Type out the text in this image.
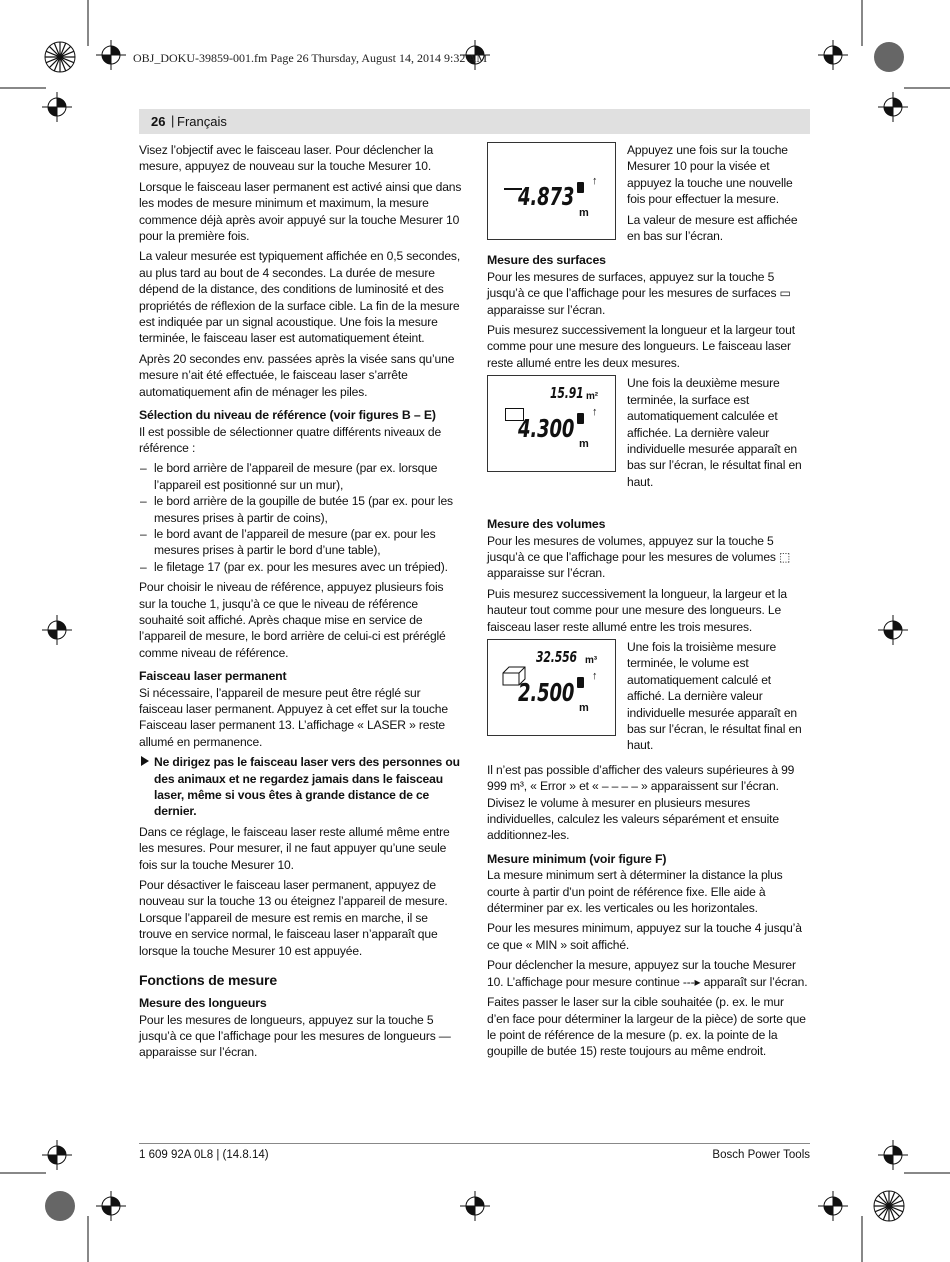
OBJ_DOKU-39859-001.fm Page 26 Thursday, August 14, 2014 9:32 AM
26 | Français

Visez l’objectif avec le faisceau laser. Pour déclencher la mesure, appuyez de nouveau sur la touche Mesurer 10.

Lorsque le faisceau laser permanent est activé ainsi que dans les modes de mesure minimum et maximum, la mesure commence déjà après avoir appuyé sur la touche Mesurer 10 pour la première fois.

La valeur mesurée est typiquement affichée en 0,5 secondes, au plus tard au bout de 4 secondes. La durée de mesure dépend de la distance, des conditions de luminosité et des propriétés de réflexion de la surface cible. La fin de la mesure est indiquée par un signal acoustique. Une fois la mesure terminée, le faisceau laser est automatiquement éteint.

Après 20 secondes env. passées après la visée sans qu’une mesure n’ait été effectuée, le faisceau laser s’arrête automatiquement afin de ménager les piles.

Sélection du niveau de référence (voir figures B – E)

Il est possible de sélectionner quatre différents niveaux de référence :

– le bord arrière de l’appareil de mesure (par ex. lorsque l’appareil est positionné sur un mur),
– le bord arrière de la goupille de butée 15 (par ex. pour les mesures prises à partir de coins),
– le bord avant de l’appareil de mesure (par ex. pour les mesures prises à partir le bord d’une table),
– le filetage 17 (par ex. pour les mesures avec un trépied).

Pour choisir le niveau de référence, appuyez plusieurs fois sur la touche 1, jusqu’à ce que le niveau de référence souhaité soit affiché. Après chaque mise en service de l’appareil de mesure, le bord arrière de celui-ci est préréglé comme niveau de référence.

Faisceau laser permanent

Si nécessaire, l’appareil de mesure peut être réglé sur faisceau laser permanent. Appuyez à cet effet sur la touche Faisceau laser permanent 13. L’affichage « LASER » reste allumé en permanence.

Ne dirigez pas le faisceau laser vers des personnes ou des animaux et ne regardez jamais dans le faisceau laser, même si vous êtes à grande distance de ce dernier.

Dans ce réglage, le faisceau laser reste allumé même entre les mesures. Pour mesurer, il ne faut appuyer qu’une seule fois sur la touche Mesurer 10.

Pour désactiver le faisceau laser permanent, appuyez de nouveau sur la touche 13 ou éteignez l’appareil de mesure. Lorsque l’appareil de mesure est remis en marche, il se trouve en service normal, le faisceau laser n’apparaît que lorsque la touche Mesurer 10 est appuyée.

Fonctions de mesure
Mesure des longueurs

Pour les mesures de longueurs, appuyez sur la touche 5 jusqu’à ce que l’affichage pour les mesures de longueurs — apparaisse sur l’écran.

4.873
m
↑

Appuyez une fois sur la touche Mesurer 10 pour la visée et appuyez la touche une nouvelle fois pour effectuer la mesure.

La valeur de mesure est affichée en bas sur l’écran.

Mesure des surfaces

Pour les mesures de surfaces, appuyez sur la touche 5 jusqu’à ce que l’affichage pour les mesures de surfaces ▭ apparaisse sur l’écran.

Puis mesurez successivement la longueur et la largeur tout comme pour une mesure des longueurs. Le faisceau laser reste allumé entre les deux mesures.

15.91 m²
4.300
m
↑

Une fois la deuxième mesure terminée, la surface est automatiquement calculée et affichée. La dernière valeur individuelle mesurée apparaît en bas sur l’écran, le résultat final en haut.

Mesure des volumes

Pour les mesures de volumes, appuyez sur la touche 5 jusqu’à ce que l’affichage pour les mesures de volumes ⬚ apparaisse sur l’écran.

Puis mesurez successivement la longueur, la largeur et la hauteur tout comme pour une mesure des longueurs. Le faisceau laser reste allumé entre les trois mesures.

32.556 m³
2.500
m
↑

Une fois la troisième mesure terminée, le volume est automatiquement calculé et affiché. La dernière valeur individuelle mesurée apparaît en bas sur l’écran, le résultat final en haut.

Il n’est pas possible d’afficher des valeurs supérieures à 99 999 m³, « Error » et « – – – – » apparaissent sur l’écran. Divisez le volume à mesurer en plusieurs mesures individuelles, calculez les valeurs séparément et ensuite additionnez-les.

Mesure minimum (voir figure F)

La mesure minimum sert à déterminer la distance la plus courte à partir d’un point de référence fixe. Elle aide à déterminer par ex. les verticales ou les horizontales.

Pour les mesures minimum, appuyez sur la touche 4 jusqu’à ce que « MIN » soit affiché.

Pour déclencher la mesure, appuyez sur la touche Mesurer 10. L’affichage pour mesure continue ---▸ apparaît sur l’écran.

Faites passer le laser sur la cible souhaitée (p. ex. le mur d’en face pour déterminer la largeur de la pièce) de sorte que le point de référence de la mesure (p. ex. la pointe de la goupille de butée 15) reste toujours au même endroit.

1 609 92A 0L8 | (14.8.14)	Bosch Power Tools
